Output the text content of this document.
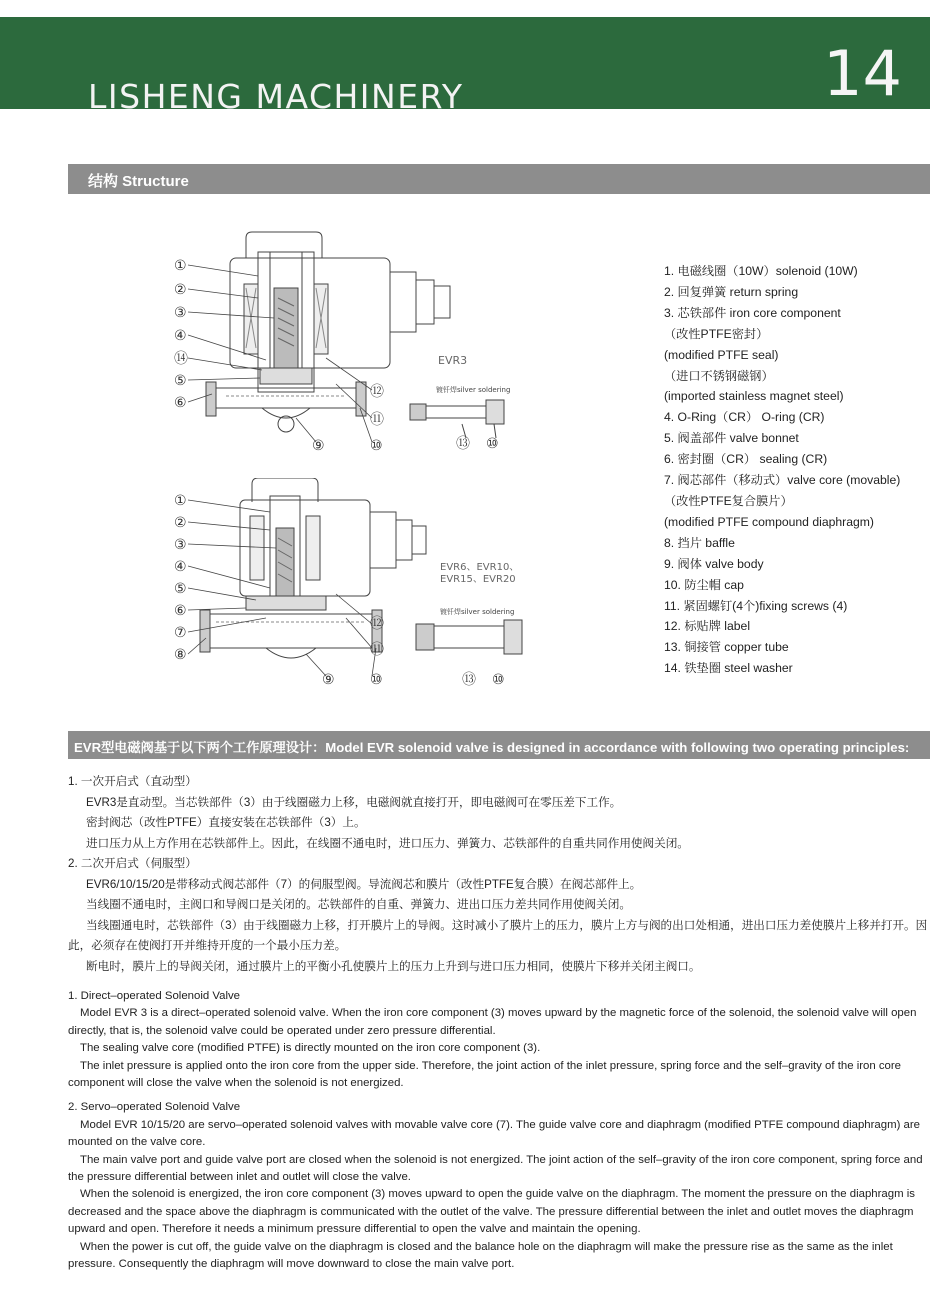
LISHENG MACHINERY	14
结构 Structure
①
②
③
④
⑭
⑤
⑥
⑫
⑪
⑨	⑩	⑬ ⑩
EVR3
镀钎焊silver soldering
①
②
③
④
⑤
⑥
⑦
⑧
⑫
⑪
⑨	⑩	⑬ ⑩
EVR6、EVR10、
EVR15、EVR20
镀钎焊silver soldering
1. 电磁线圈（10W）solenoid (10W)
2. 回复弹簧 return spring
3. 芯铁部件 iron core component
（改性PTFE密封）
(modified PTFE seal)
（进口不锈钢磁钢）
(imported stainless magnet steel)
4. O-Ring（CR） O-ring (CR)
5. 阀盖部件 valve bonnet
6. 密封圈（CR） sealing (CR)
7. 阀芯部件（移动式）valve core (movable)
（改性PTFE复合膜片）
(modified PTFE compound diaphragm)
8. 挡片 baffle
9. 阀体 valve body
10. 防尘帽 cap
11. 紧固螺钉(4个)fixing screws (4)
12. 标贴牌 label
13. 铜接管 copper tube
14. 铁垫圈 steel washer
EVR型电磁阀基于以下两个工作原理设计：Model EVR solenoid valve is designed in accordance with following two operating principles:
1. 一次开启式（直动型）
EVR3是直动型。当芯铁部件（3）由于线圈磁力上移，电磁阀就直接打开，即电磁阀可在零压差下工作。
密封阀芯（改性PTFE）直接安装在芯铁部件（3）上。
进口压力从上方作用在芯铁部件上。因此，在线圈不通电时，进口压力、弹簧力、芯铁部件的自重共同作用使阀关闭。
2. 二次开启式（伺服型）
EVR6/10/15/20是带移动式阀芯部件（7）的伺服型阀。导流阀芯和膜片（改性PTFE复合膜）在阀芯部件上。
当线圈不通电时，主阀口和导阀口是关闭的。芯铁部件的自重、弹簧力、进出口压力差共同作用使阀关闭。
当线圈通电时，芯铁部件（3）由于线圈磁力上移，打开膜片上的导阀。这时减小了膜片上的压力，膜片上方与阀的出口处相通，进出口压力差使膜片上移并打开。因此，必须存在使阀打开并维持开度的一个最小压力差。
断电时，膜片上的导阀关闭，通过膜片上的平衡小孔使膜片上的压力上升到与进口压力相同，使膜片下移并关闭主阀口。

1. Direct–operated Solenoid Valve

Model EVR 3 is a direct–operated solenoid valve. When the iron core component (3) moves upward by the magnetic force of the solenoid, the solenoid valve will open directly, that is, the solenoid valve could be operated under zero pressure differential.

The sealing valve core (modified PTFE) is directly mounted on the iron core component (3).

The inlet pressure is applied onto the iron core from the upper side. Therefore, the joint action of the inlet pressure, spring force and the self–gravity of the iron core component will close the valve when the solenoid is not energized.

2. Servo–operated Solenoid Valve

Model EVR 10/15/20 are servo–operated solenoid valves with movable valve core (7). The guide valve core and diaphragm (modified PTFE compound diaphragm) are mounted on the valve core.

The main valve port and guide valve port are closed when the solenoid is not energized. The joint action of the self–gravity of the iron core component, spring force and the pressure differential between inlet and outlet will close the valve.

When the solenoid is energized, the iron core component (3) moves upward to open the guide valve on the diaphragm. The moment the pressure on the diaphragm is decreased and the space above the diaphragm is communicated with the outlet of the valve. The pressure differential between the inlet and outlet moves the diaphragm upward and open. Therefore it needs a minimum pressure differential to open the valve and maintain the opening.

When the power is cut off, the guide valve on the diaphragm is closed and the balance hole on the diaphragm will make the pressure rise as the same as the inlet pressure. Consequently the diaphragm will move downward to close the main valve port.
